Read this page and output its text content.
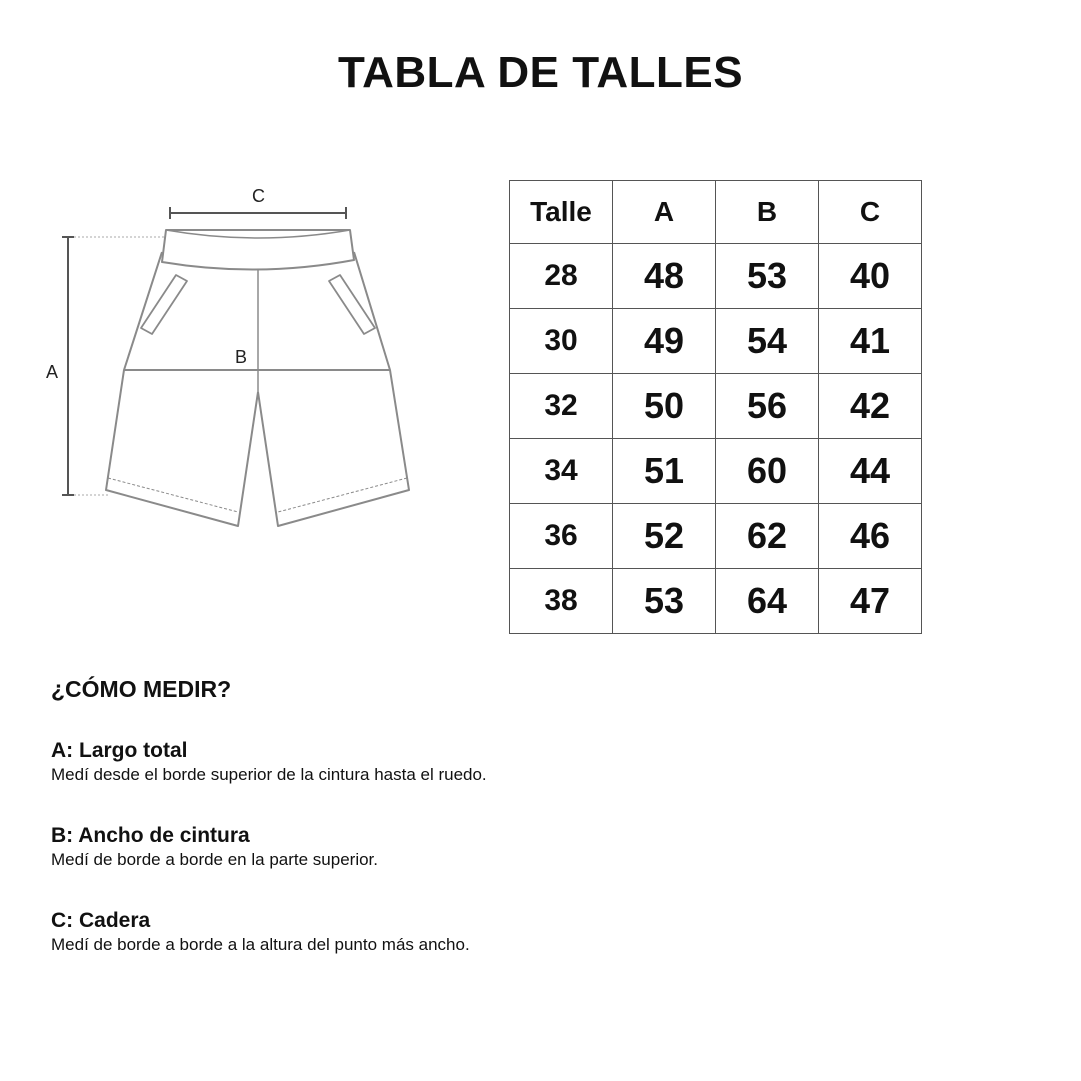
TABLA DE TALLES
C
A
B
Talle	A	B	C
28	48	53	40
30	49	54	41
32	50	56	42
34	51	60	44
36	52	62	46
38	53	64	47
¿CÓMO MEDIR?
A: Largo total
Medí desde el borde superior de la cintura hasta el ruedo.
B: Ancho de cintura
Medí de borde a borde en la parte superior.
C: Cadera
Medí de borde a borde a la altura del punto más ancho.
